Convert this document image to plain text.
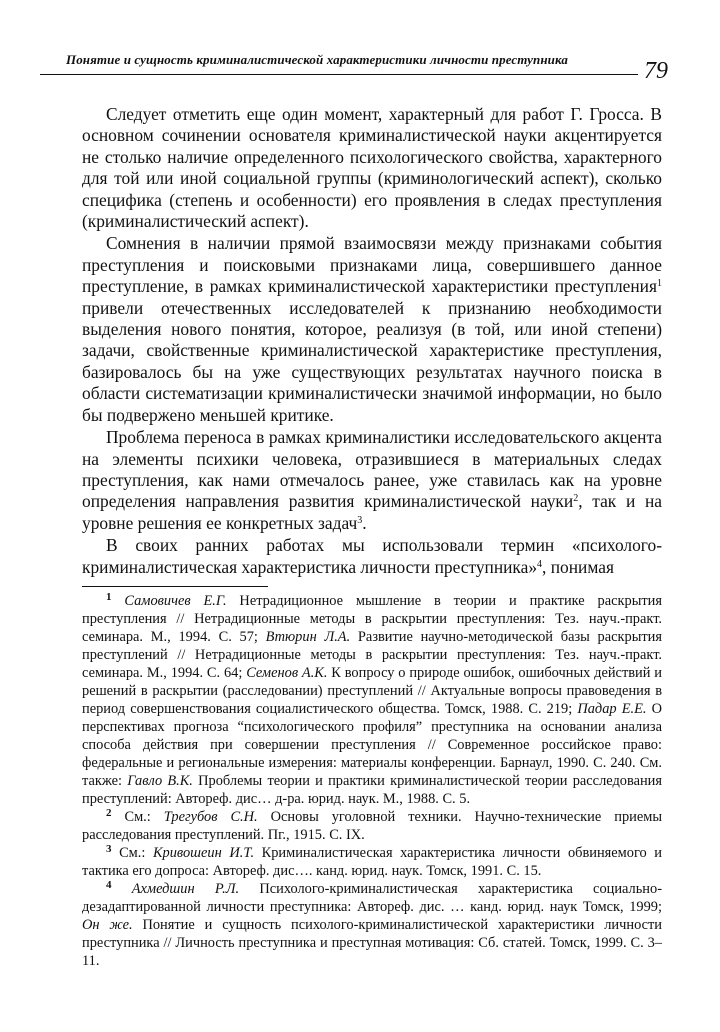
Понятие и сущность криминалистической характеристики личности преступника	79

Следует отметить еще один момент, характерный для работ Г. Гросса. В основном сочинении основателя криминалистической науки акцентируется не столько наличие определенного психологического свойства, характерного для той или иной социальной группы (криминологический аспект), сколько специфика (степень и особенности) его проявления в следах преступления (криминалистический аспект).

Сомнения в наличии прямой взаимосвязи между признаками события преступления и поисковыми признаками лица, совершившего данное преступление, в рамках криминалистической характеристики преступления$^1$ привели отечественных исследователей к признанию необходимости выделения нового понятия, которое, реализуя (в той, или иной степени) задачи, свойственные криминалистической характеристике преступления, базировалось бы на уже существующих результатах научного поиска в области систематизации криминалистически значимой информации, но было бы подвержено меньшей критике.

Проблема переноса в рамках криминалистики исследовательского акцента на элементы психики человека, отразившиеся в материальных следах преступления, как нами отмечалось ранее, уже ставилась как на уровне определения направления развития криминалистической науки$^2$, так и на уровне решения ее конкретных задач$^3$.

В своих ранних работах мы использовали термин «психолого-криминалистическая характеристика личности преступника»$^4$, понимая

$^1$ Самовичев Е.Г. Нетрадиционное мышление в теории и практике раскрытия преступления // Нетрадиционные методы в раскрытии преступления: Тез. науч.-практ. семинара. М., 1994. С. 57; Втюрин Л.А. Развитие научно-методической базы раскрытия преступлений // Нетрадиционные методы в раскрытии преступления: Тез. науч.-практ. семинара. М., 1994. С. 64; Семенов А.К. К вопросу о природе ошибок, ошибочных действий и решений в раскрытии (расследовании) преступлений // Актуальные вопросы правоведения в период совершенствования социалистического общества. Томск, 1988. С. 219; Падар Е.Е. О перспективах прогноза “психологического профиля” преступника на основании анализа способа действия при совершении преступления // Современное российское право: федеральные и региональные измерения: материалы конференции. Барнаул, 1990. С. 240. См. также: Гавло В.К. Проблемы теории и практики криминалистической теории расследования преступлений: Автореф. дис… д-ра. юрид. наук. М., 1988. С. 5.

$^2$ См.: Трегубов С.Н. Основы уголовной техники. Научно-технические приемы расследования преступлений. Пг., 1915. С. IX.

$^3$ См.: Кривошеин И.Т. Криминалистическая характеристика личности обвиняемого и тактика его допроса: Автореф. дис…. канд. юрид. наук. Томск, 1991. С. 15.

$^4$ Ахмедшин Р.Л. Психолого-криминалистическая характеристика социально-дезадаптированной личности преступника: Автореф. дис. … канд. юрид. наук Томск, 1999; Он же. Понятие и сущность психолого-криминалистической характеристики личности преступника // Личность преступника и преступная мотивация: Сб. статей. Томск, 1999. С. 3–11.
